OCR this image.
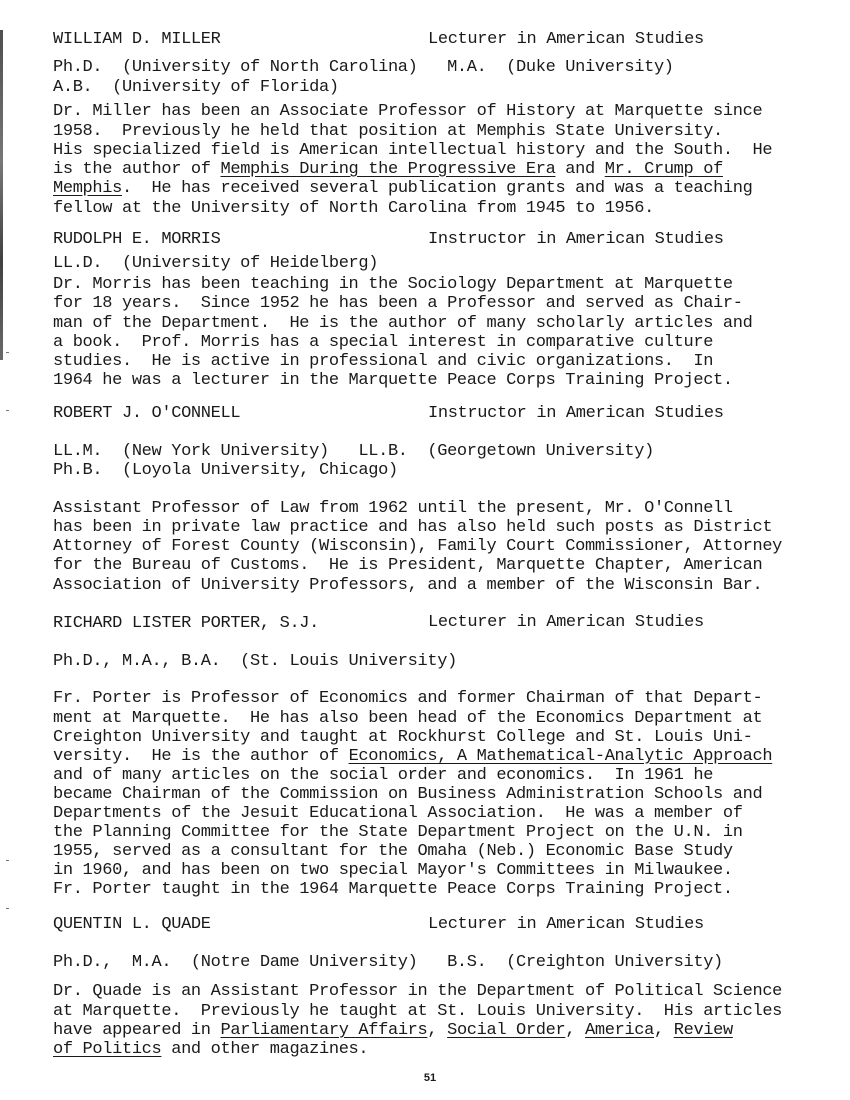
WILLIAM D. MILLER	Lecturer in American Studies
Ph.D.  (University of North Carolina)   M.A.  (Duke University)
A.B.  (University of Florida)
Dr. Miller has been an Associate Professor of History at Marquette since
1958.  Previously he held that position at Memphis State University.
His specialized field is American intellectual history and the South.  He
is the author of Memphis During the Progressive Era and Mr. Crump of
Memphis.  He has received several publication grants and was a teaching
fellow at the University of North Carolina from 1945 to 1956.
RUDOLPH E. MORRIS	Instructor in American Studies
LL.D.  (University of Heidelberg)
Dr. Morris has been teaching in the Sociology Department at Marquette
for 18 years.  Since 1952 he has been a Professor and served as Chair-
man of the Department.  He is the author of many scholarly articles and
a book.  Prof. Morris has a special interest in comparative culture
studies.  He is active in professional and civic organizations.  In
1964 he was a lecturer in the Marquette Peace Corps Training Project.
ROBERT J. O'CONNELL	Instructor in American Studies
LL.M.  (New York University)   LL.B.  (Georgetown University)
Ph.B.  (Loyola University, Chicago)
Assistant Professor of Law from 1962 until the present, Mr. O'Connell
has been in private law practice and has also held such posts as District
Attorney of Forest County (Wisconsin), Family Court Commissioner, Attorney
for the Bureau of Customs.  He is President, Marquette Chapter, American
Association of University Professors, and a member of the Wisconsin Bar.
RICHARD LISTER PORTER, S.J.	Lecturer in American Studies
Ph.D., M.A., B.A.  (St. Louis University)
Fr. Porter is Professor of Economics and former Chairman of that Depart-
ment at Marquette.  He has also been head of the Economics Department at
Creighton University and taught at Rockhurst College and St. Louis Uni-
versity.  He is the author of Economics, A Mathematical-Analytic Approach
and of many articles on the social order and economics.  In 1961 he
became Chairman of the Commission on Business Administration Schools and
Departments of the Jesuit Educational Association.  He was a member of
the Planning Committee for the State Department Project on the U.N. in
1955, served as a consultant for the Omaha (Neb.) Economic Base Study
in 1960, and has been on two special Mayor's Committees in Milwaukee.
Fr. Porter taught in the 1964 Marquette Peace Corps Training Project.
QUENTIN L. QUADE	Lecturer in American Studies
Ph.D.,  M.A.  (Notre Dame University)   B.S.  (Creighton University)
Dr. Quade is an Assistant Professor in the Department of Political Science
at Marquette.  Previously he taught at St. Louis University.  His articles
have appeared in Parliamentary Affairs, Social Order, America, Review
of Politics and other magazines.
51
